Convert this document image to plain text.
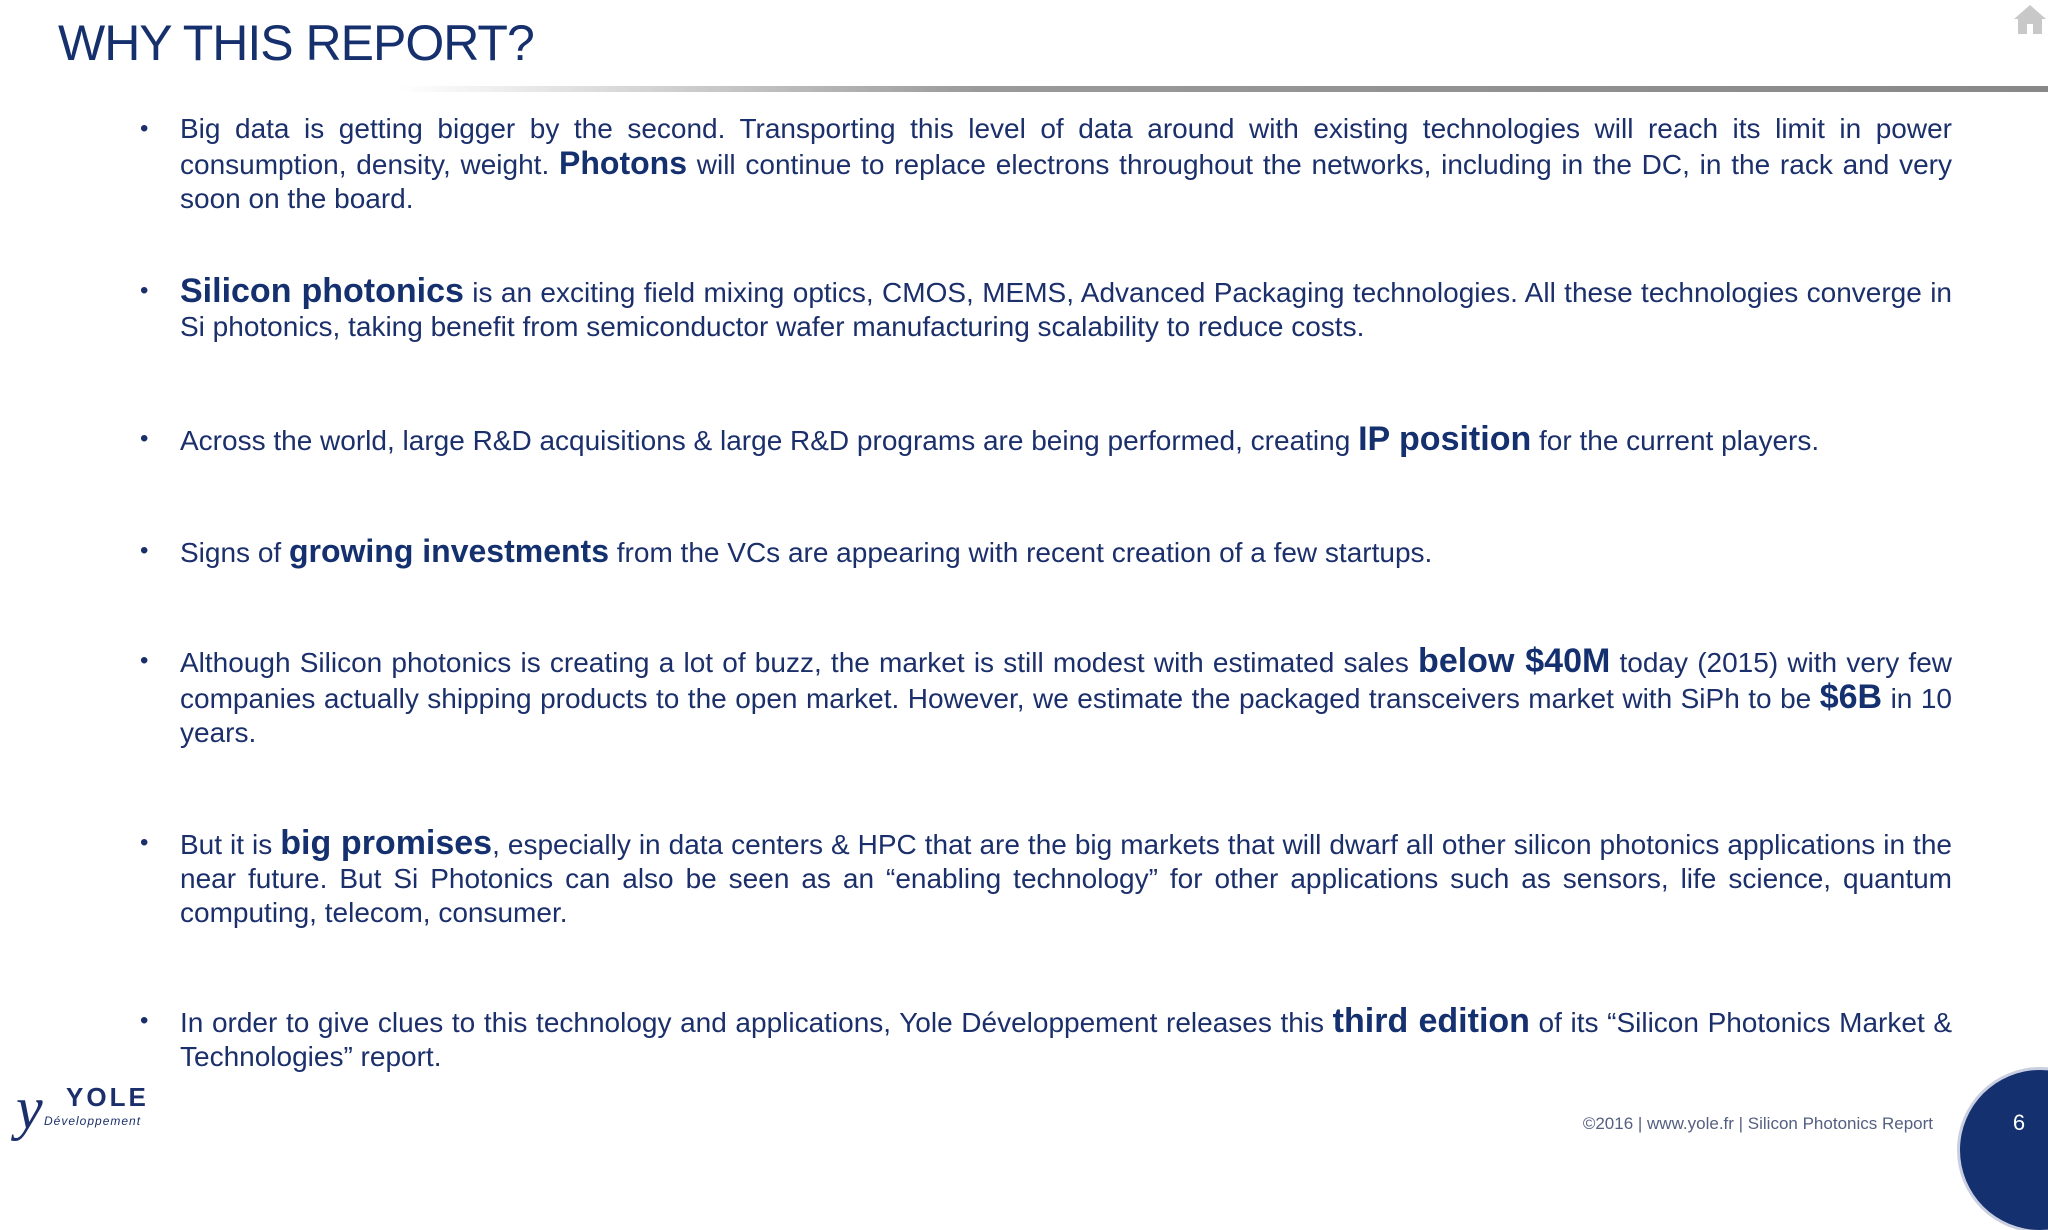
WHY THIS REPORT?
• Big data is getting bigger by the second. Transporting this level of data around with existing technologies will reach its limit in power consumption, density, weight. Photons will continue to replace electrons throughout the networks, including in the DC, in the rack and very soon on the board.
• Silicon photonics is an exciting field mixing optics, CMOS, MEMS, Advanced Packaging technologies. All these technologies converge in Si photonics, taking benefit from semiconductor wafer manufacturing scalability to reduce costs.
• Across the world, large R&D acquisitions & large R&D programs are being performed, creating IP position for the current players.
• Signs of growing investments from the VCs are appearing with recent creation of a few startups.
• Although Silicon photonics is creating a lot of buzz, the market is still modest with estimated sales below $40M today (2015) with very few companies actually shipping products to the open market. However, we estimate the packaged transceivers market with SiPh to be $6B in 10 years.
• But it is big promises, especially in data centers & HPC that are the big markets that will dwarf all other silicon photonics applications in the near future. But Si Photonics can also be seen as an “enabling technology” for other applications such as sensors, life science, quantum computing, telecom, consumer.
• In order to give clues to this technology and applications, Yole Développement releases this third edition of its “Silicon Photonics Market & Technologies” report.
y YOLE
Développement	©2016 | www.yole.fr | Silicon Photonics Report	6
